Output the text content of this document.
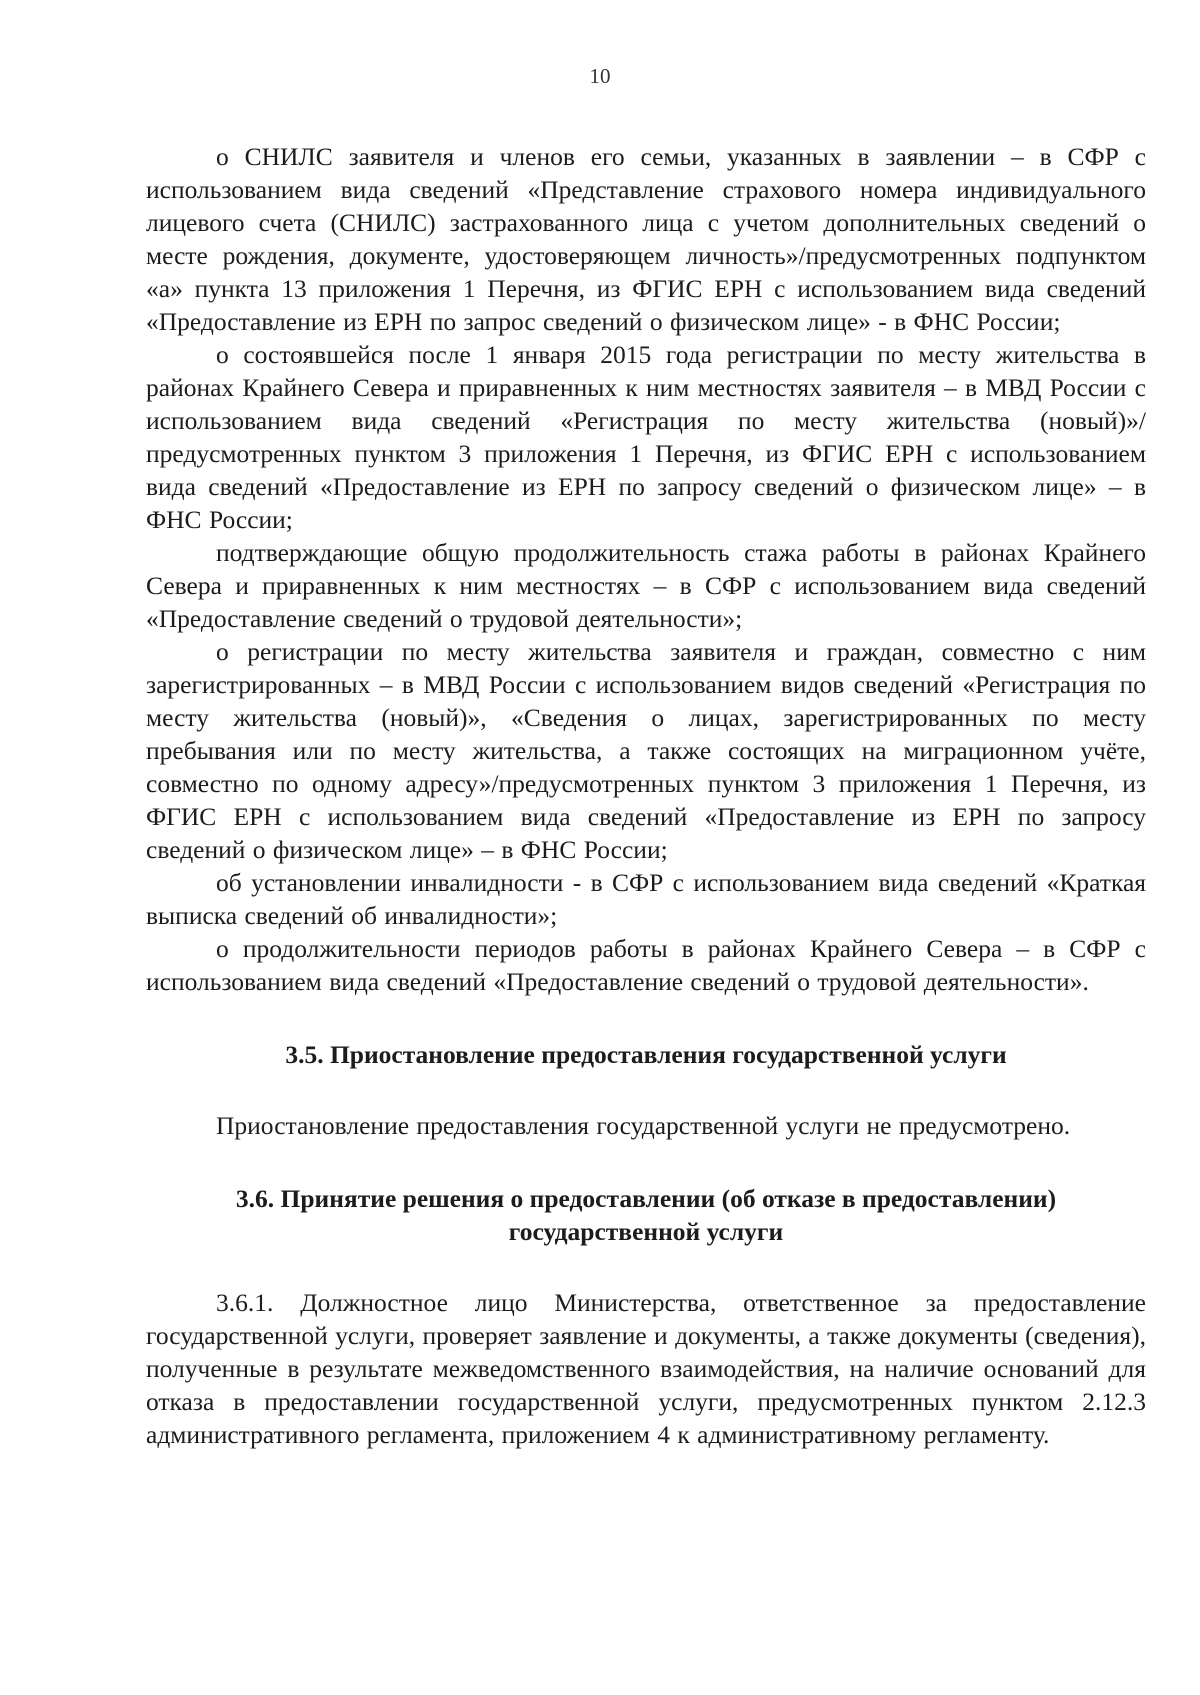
10

о СНИЛС заявителя и членов его семьи, указанных в заявлении – в СФР с использованием вида сведений «Представление страхового номера индивидуального лицевого счета (СНИЛС) застрахованного лица с учетом дополнительных сведений о месте рождения, документе, удостоверяющем личность»/предусмотренных подпунктом «а» пункта 13 приложения 1 Перечня, из ФГИС ЕРН с использованием вида сведений «Предоставление из ЕРН по запрос сведений о физическом лице» - в ФНС России;

о состоявшейся после 1 января 2015 года регистрации по месту жительства в районах Крайнего Севера и приравненных к ним местностях заявителя – в МВД России с использованием вида сведений «Регистрация по месту жительства (новый)»/предусмотренных пунктом 3 приложения 1 Перечня, из ФГИС ЕРН с использованием вида сведений «Предоставление из ЕРН по запросу сведений о физическом лице» – в ФНС России;

подтверждающие общую продолжительность стажа работы в районах Крайнего Севера и приравненных к ним местностях – в СФР с использованием вида сведений «Предоставление сведений о трудовой деятельности»;

о регистрации по месту жительства заявителя и граждан, совместно с ним зарегистрированных – в МВД России с использованием видов сведений «Регистрация по месту жительства (новый)», «Сведения о лицах, зарегистрированных по месту пребывания или по месту жительства, а также состоящих на миграционном учёте, совместно по одному адресу»/предусмотренных пунктом 3 приложения 1 Перечня, из ФГИС ЕРН с использованием вида сведений «Предоставление из ЕРН по запросу сведений о физическом лице» – в ФНС России;

об установлении инвалидности - в СФР с использованием вида сведений «Краткая выписка сведений об инвалидности»;

о продолжительности периодов работы в районах Крайнего Севера – в СФР с использованием вида сведений «Предоставление сведений о трудовой деятельности».

3.5. Приостановление предоставления государственной услуги

Приостановление предоставления государственной услуги не предусмотрено.

3.6. Принятие решения о предоставлении (об отказе в предоставлении)
государственной услуги

3.6.1. Должностное лицо Министерства, ответственное за предоставление государственной услуги, проверяет заявление и документы, а также документы (сведения), полученные в результате межведомственного взаимодействия, на наличие оснований для отказа в предоставлении государственной услуги, предусмотренных пунктом 2.12.3 административного регламента, приложением 4 к административному регламенту.
